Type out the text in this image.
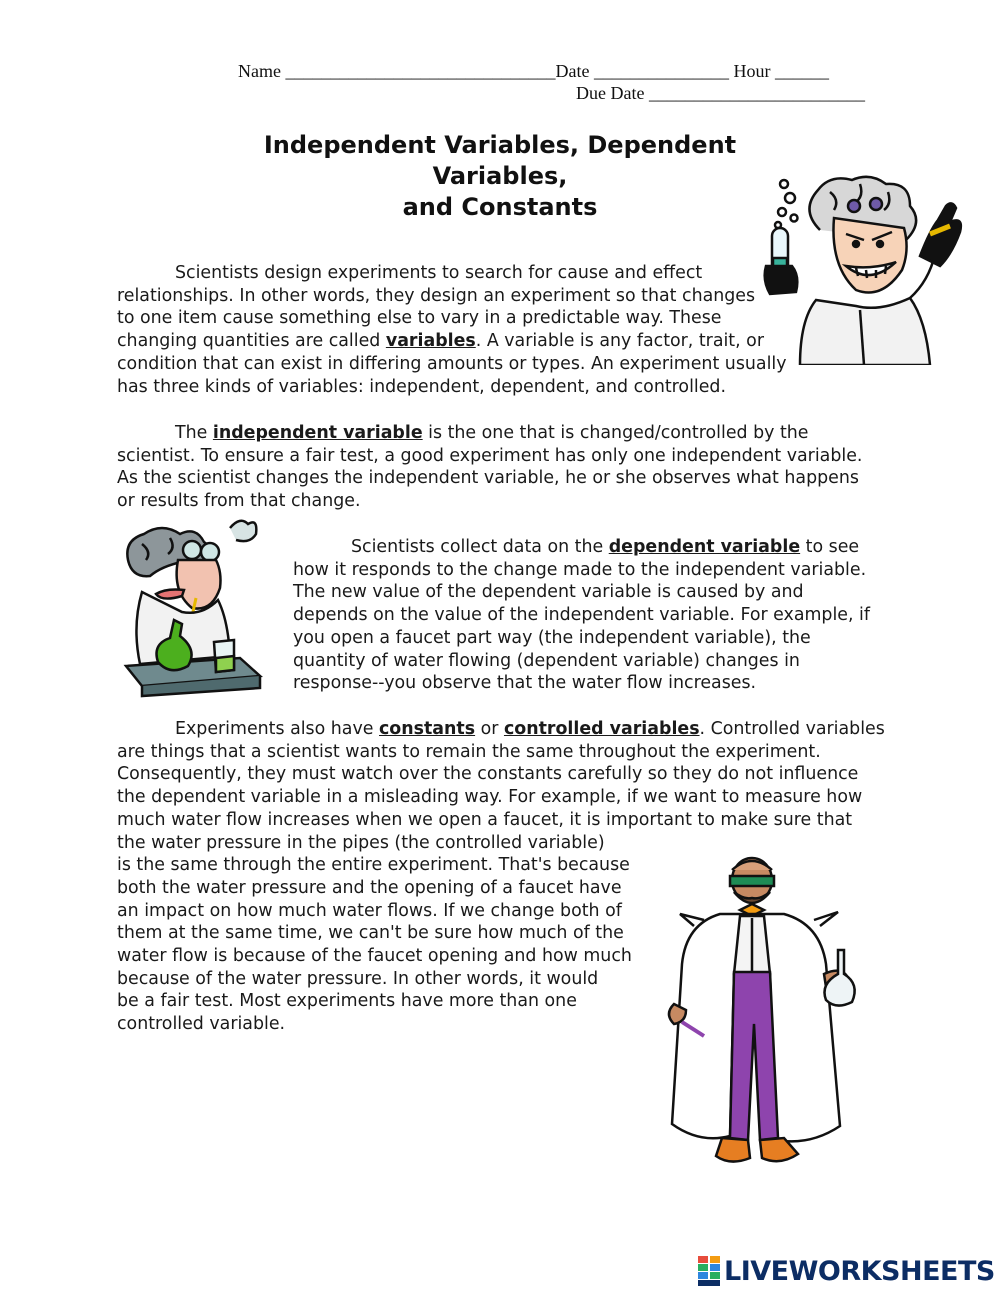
Name ______________________________Date _______________ Hour ______
Due Date ________________________
Independent Variables, Dependent Variables,
and Constants
Scientists design experiments to search for cause and effect
relationships. In other words, they design an experiment so that changes
to one item cause something else to vary in a predictable way. These
changing quantities are called variables. A variable is any factor, trait, or
condition that can exist in differing amounts or types. An experiment usually
has three kinds of variables: independent, dependent, and controlled.
The independent variable is the one that is changed/controlled by the
scientist. To ensure a fair test, a good experiment has only one independent variable.
As the scientist changes the independent variable, he or she observes what happens
or results from that change.
Scientists collect data on the dependent variable to see
how it responds to the change made to the independent variable.
The new value of the dependent variable is caused by and
depends on the value of the independent variable. For example, if
you open a faucet part way (the independent variable), the
quantity of water flowing (dependent variable) changes in
response--you observe that the water flow increases.
Experiments also have constants or controlled variables. Controlled variables
are things that a scientist wants to remain the same throughout the experiment.
Consequently, they must watch over the constants carefully so they do not influence
the dependent variable in a misleading way. For example, if we want to measure how
much water flow increases when we open a faucet, it is important to make sure that
the water pressure in the pipes (the controlled variable)
is the same through the entire experiment. That's because
both the water pressure and the opening of a faucet have
an impact on how much water flows. If we change both of
them at the same time, we can't be sure how much of the
water flow is because of the faucet opening and how much
because of the water pressure. In other words, it would
be a fair test. Most experiments have more than one
controlled variable.
LIVEWORKSHEETS
